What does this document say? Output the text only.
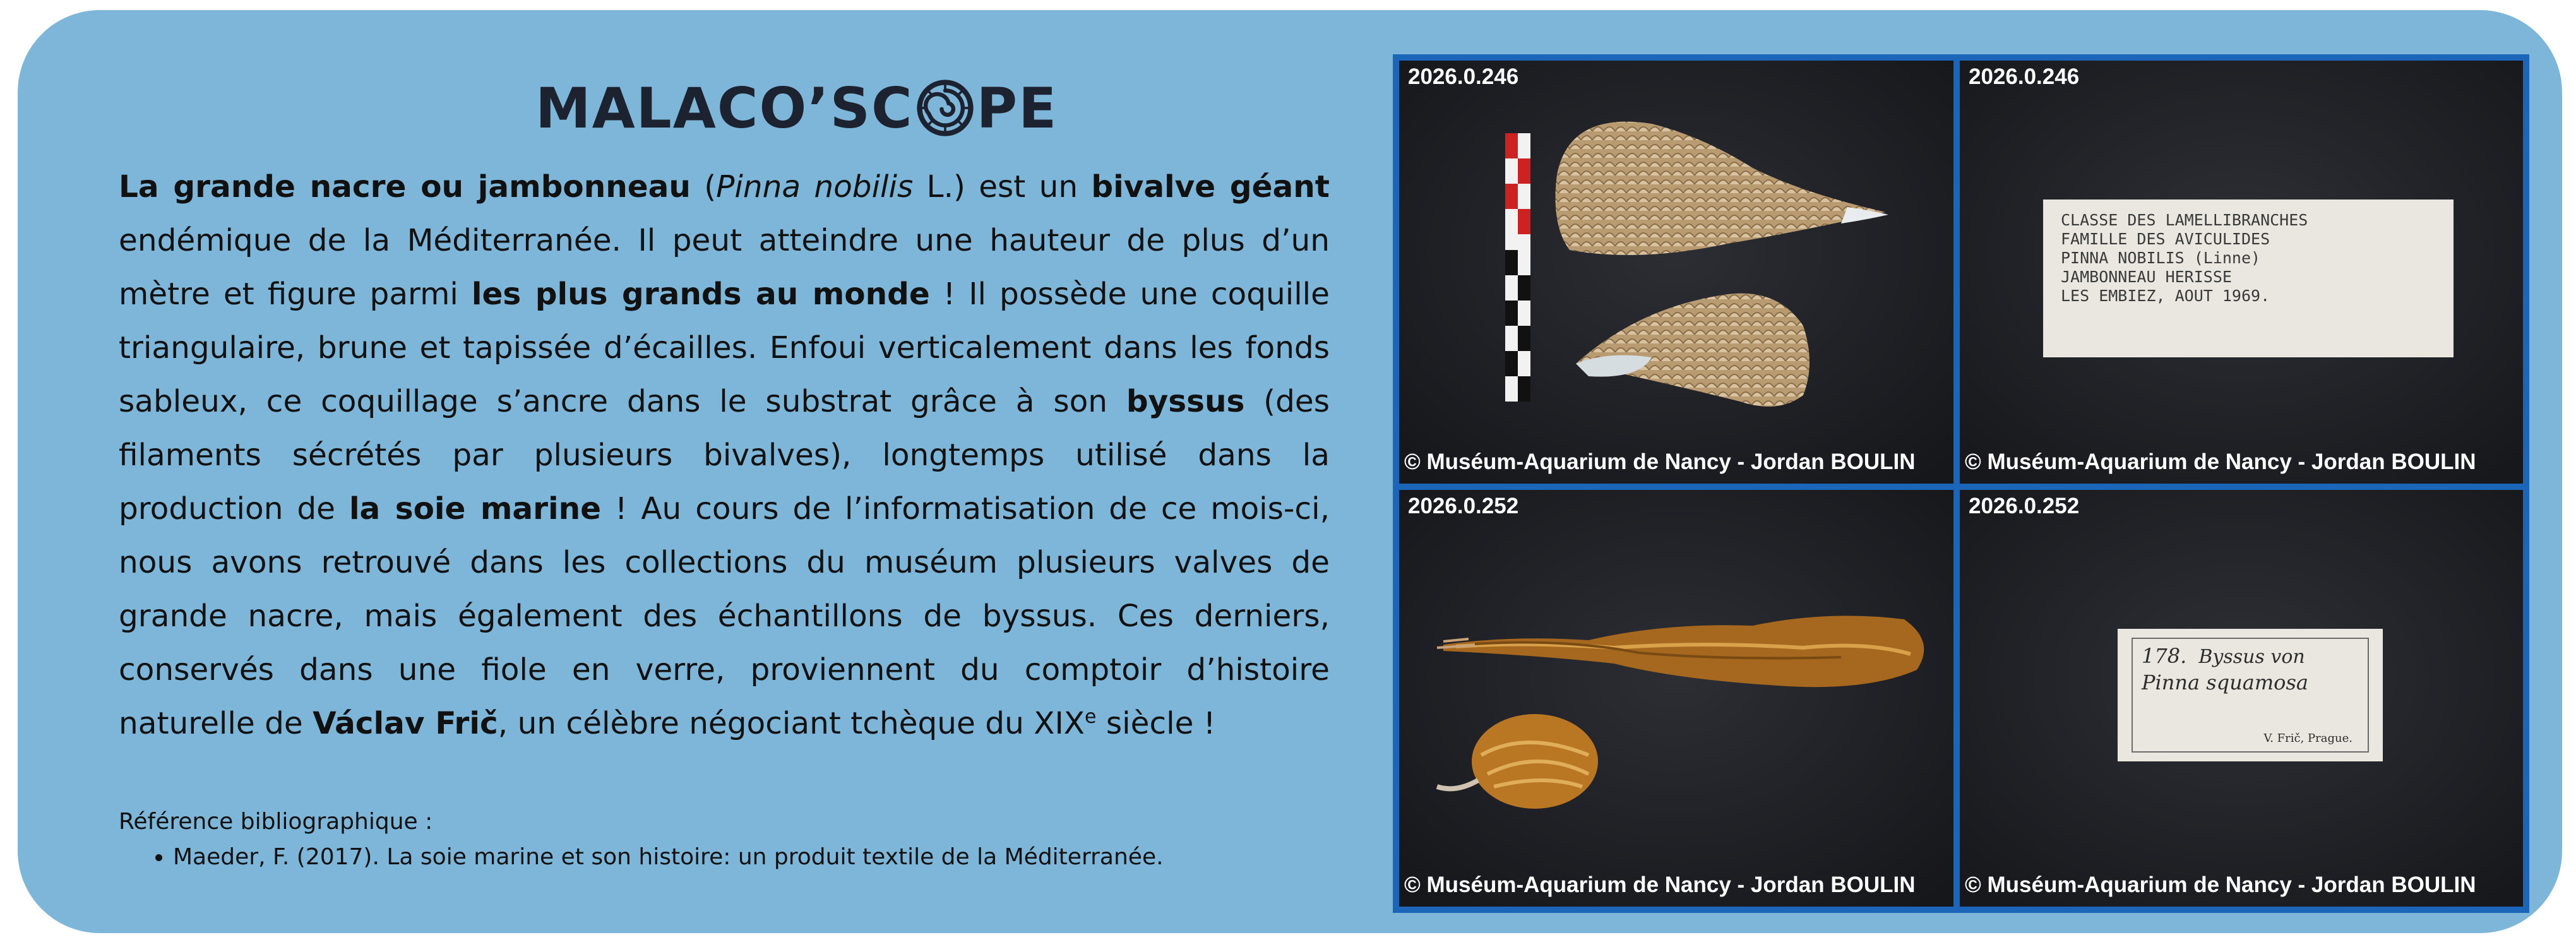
MALACO’SC PE
La grande nacre ou jambonneau (Pinna nobilis L.) est un bivalve géant endémique de la Méditerranée. Il peut atteindre une hauteur de plus d’un mètre et figure parmi les plus grands au monde ! Il possède une coquille triangulaire, brune et tapissée d’écailles. Enfoui verticalement dans les fonds sableux, ce coquillage s’ancre dans le substrat grâce à son byssus (des filaments sécrétés par plusieurs bivalves), longtemps utilisé dans la production de la soie marine ! Au cours de l’informatisation de ce mois-ci, nous avons retrouvé dans les collections du muséum plusieurs valves de grande nacre, mais également des échantillons de byssus. Ces derniers, conservés dans une fiole en verre, proviennent du comptoir d’histoire naturelle de Václav Frič, un célèbre négociant tchèque du XIXe siècle !
Référence bibliographique :
• Maeder, F. (2017). La soie marine et son histoire: un produit textile de la Méditerranée.
2026.0.246
© Muséum-Aquarium de Nancy - Jordan BOULIN
CLASSE DES LAMELLIBRANCHES
FAMILLE DES AVICULIDES
PINNA NOBILIS (Linne)
JAMBONNEAU HERISSE
LES EMBIEZ, AOUT 1969.
2026.0.246
© Muséum-Aquarium de Nancy - Jordan BOULIN
2026.0.252
© Muséum-Aquarium de Nancy - Jordan BOULIN
178. Byssus von
Pinna squamosa
V. Frič, Prague.
2026.0.252
© Muséum-Aquarium de Nancy - Jordan BOULIN
